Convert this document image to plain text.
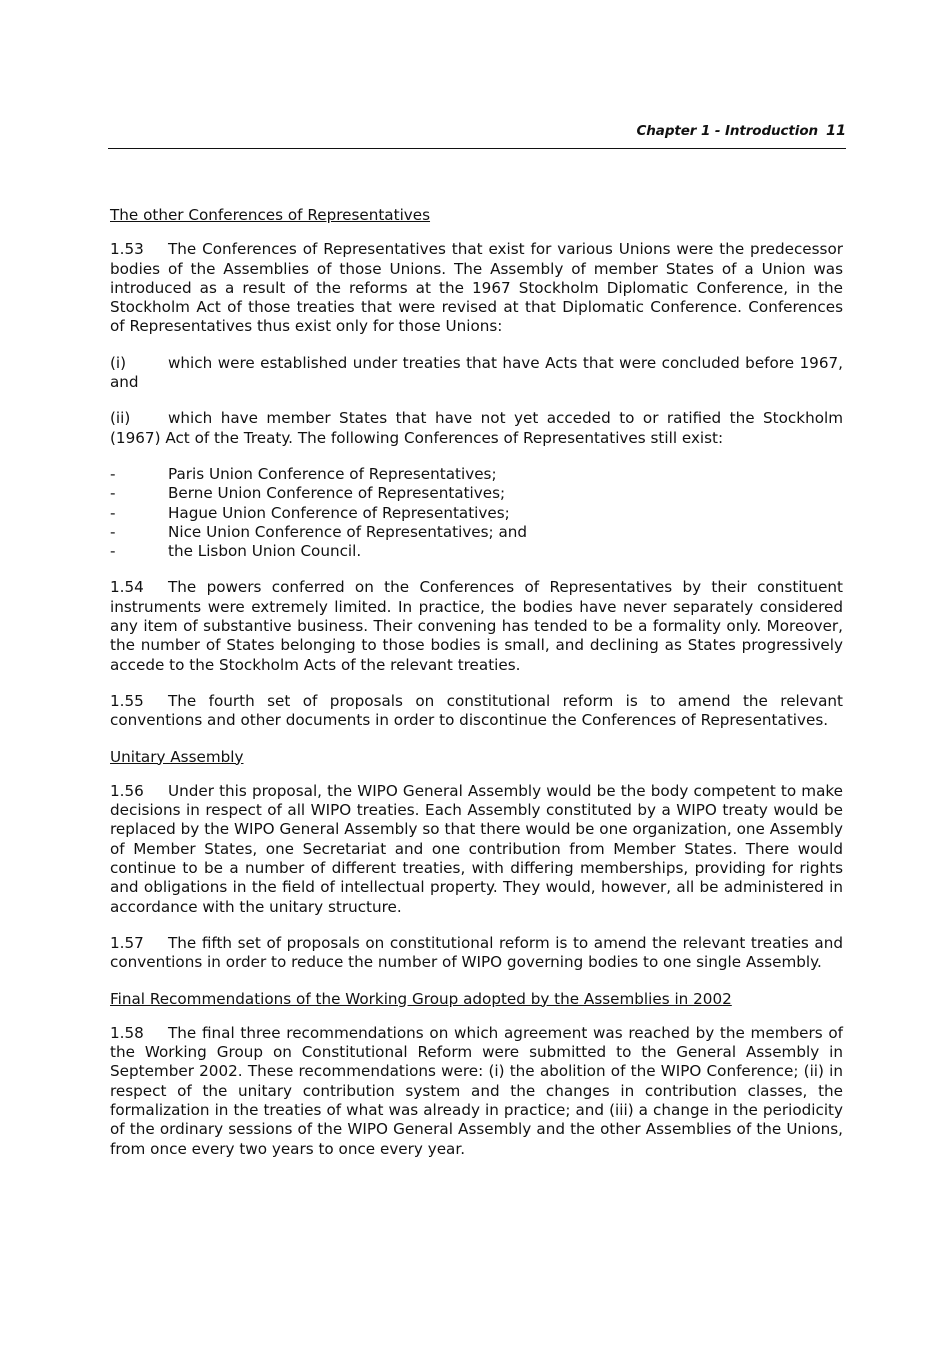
Chapter 1 - Introduction 11
The other Conferences of Representatives

1.53 The Conferences of Representatives that exist for various Unions were the predecessor bodies of the Assemblies of those Unions. The Assembly of member States of a Union was introduced as a result of the reforms at the 1967 Stockholm Diplomatic Conference, in the Stockholm Act of those treaties that were revised at that Diplomatic Conference. Conferences of Representatives thus exist only for those Unions:

(i)	which were established under treaties that have Acts that were concluded before 1967, and

(ii) which have member States that have not yet acceded to or ratified the Stockholm (1967) Act of the Treaty. The following Conferences of Representatives still exist:

-	Paris Union Conference of Representatives;
-	Berne Union Conference of Representatives;
-	Hague Union Conference of Representatives;
-	Nice Union Conference of Representatives; and
-	the Lisbon Union Council.

1.54 The powers conferred on the Conferences of Representatives by their constituent instruments were extremely limited. In practice, the bodies have never separately considered any item of substantive business. Their convening has tended to be a formality only. Moreover, the number of States belonging to those bodies is small, and declining as States progressively accede to the Stockholm Acts of the relevant treaties.

1.55 The fourth set of proposals on constitutional reform is to amend the relevant conventions and other documents in order to discontinue the Conferences of Representatives.

Unitary Assembly

1.56 Under this proposal, the WIPO General Assembly would be the body competent to make decisions in respect of all WIPO treaties. Each Assembly constituted by a WIPO treaty would be replaced by the WIPO General Assembly so that there would be one organization, one Assembly of Member States, one Secretariat and one contribution from Member States. There would continue to be a number of different treaties, with differing memberships, providing for rights and obligations in the field of intellectual property. They would, however, all be administered in accordance with the unitary structure.

1.57 The fifth set of proposals on constitutional reform is to amend the relevant treaties and conventions in order to reduce the number of WIPO governing bodies to one single Assembly.

Final Recommendations of the Working Group adopted by the Assemblies in 2002

1.58 The final three recommendations on which agreement was reached by the members of the Working Group on Constitutional Reform were submitted to the General Assembly in September 2002. These recommendations were: (i) the abolition of the WIPO Conference; (ii) in respect of the unitary contribution system and the changes in contribution classes, the formalization in the treaties of what was already in practice; and (iii) a change in the periodicity of the ordinary sessions of the WIPO General Assembly and the other Assemblies of the Unions, from once every two years to once every year.
